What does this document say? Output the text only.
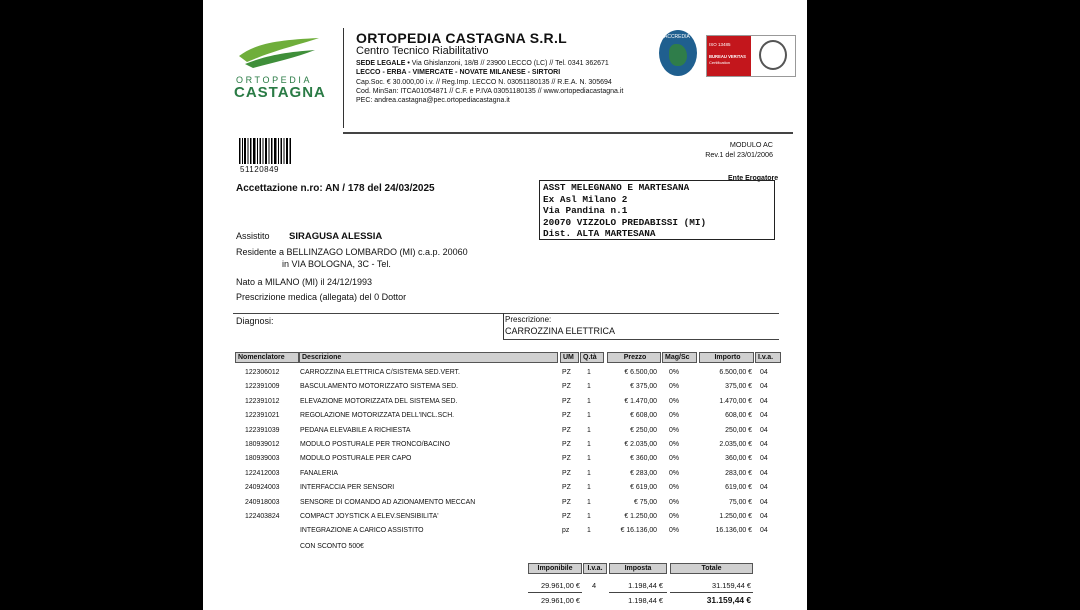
ORTOPEDIA
CASTAGNA
ORTOPEDIA CASTAGNA S.R.L
Centro Tecnico Riabilitativo
SEDE LEGALE • Via Ghislanzoni, 18/B // 23900 LECCO (LC) // Tel. 0341 362671
LECCO - ERBA - VIMERCATE - NOVATE MILANESE - SIRTORI
Cap.Soc. € 30.000,00 i.v. // Reg.Imp. LECCO N. 03051180135 // R.E.A. N. 305694
Cod. MinSan: ITCA01054871 // C.F. e P.IVA 03051180135 // www.ortopediacastagna.it
PEC: andrea.castagna@pec.ortopediacastagna.it
ACCREDIA
ISO 13485
BUREAU VERITAS
Certification
MODULO AC
Rev.1 del 23/01/2006
51120849
Accettazione n.ro: AN / 178 del 24/03/2025
Ente Erogatore
ASST MELEGNANO E MARTESANA
Ex Asl Milano 2
Via Pandina n.1
20070 VIZZOLO PREDABISSI (MI)
Dist. ALTA MARTESANA
Assistito SIRAGUSA ALESSIA
Residente a BELLINZAGO LOMBARDO (MI) c.a.p. 20060
in VIA BOLOGNA, 3C - Tel.
Nato a MILANO (MI) il 24/12/1993
Prescrizione medica (allegata) del 0 Dottor
Diagnosi:	Prescrizione:
CARROZZINA ELETTRICA
Nomenclatore	Descrizione	UM	Q.tà	Prezzo	Mag/Sc	Importo	I.v.a.
122306012	CARROZZINA ELETTRICA C/SISTEMA SED.VERT.	PZ 1	€ 6.500,00 0%	6.500,00 € 04
122391009	BASCULAMENTO MOTORIZZATO SISTEMA SED.	PZ 1	€ 375,00 0%	375,00 € 04
122391012	ELEVAZIONE MOTORIZZATA DEL SISTEMA SED.	PZ 1	€ 1.470,00 0%	1.470,00 € 04
122391021	REGOLAZIONE MOTORIZZATA DELL'INCL.SCH.	PZ 1	€ 608,00 0%	608,00 € 04
122391039	PEDANA ELEVABILE A RICHIESTA	PZ 1	€ 250,00 0%	250,00 € 04
180939012	MODULO POSTURALE PER TRONCO/BACINO	PZ 1	€ 2.035,00 0%	2.035,00 € 04
180939003	MODULO POSTURALE PER CAPO	PZ 1	€ 360,00 0%	360,00 € 04
122412003	FANALERIA	PZ 1	€ 283,00 0%	283,00 € 04
240924003	INTERFACCIA PER SENSORI	PZ 1	€ 619,00 0%	619,00 € 04
240918003	SENSORE DI COMANDO AD AZIONAMENTO MECCAN	PZ 1	€ 75,00 0%	75,00 € 04
122403824	COMPACT JOYSTICK A ELEV.SENSIBILITA'	PZ 1	€ 1.250,00 0%	1.250,00 € 04
INTEGRAZIONE A CARICO ASSISTITO	pz	1	€ 16.136,00 0%	16.136,00 € 04
CON SCONTO 500€
Imponibile	I.v.a.	Imposta	Totale
29.961,00 € 4	1.198,44 €	31.159,44 €
29.961,00 €	1.198,44 €	31.159,44 €
